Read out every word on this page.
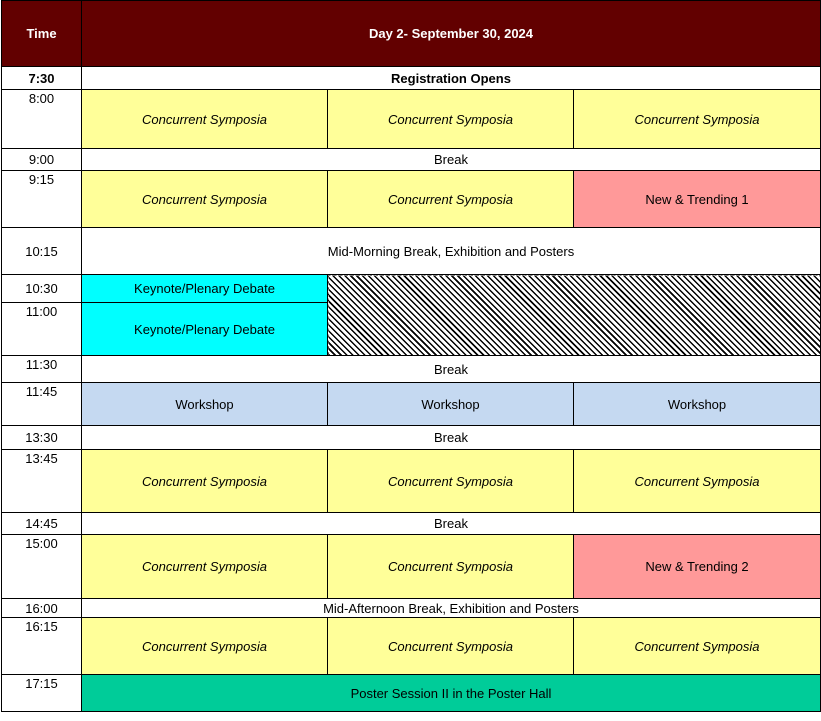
Time	Day 2- September 30, 2024		
7:30	Registration Opens		
8:00	Concurrent Symposia	Concurrent Symposia	Concurrent Symposia
9:00	Break		
9:15	Concurrent Symposia	Concurrent Symposia	New & Trending 1
10:15	Mid-Morning Break, Exhibition and Posters		
10:30	Keynote/Plenary Debate		
11:00	Keynote/Plenary Debate		
11:30	Break		
11:45	Workshop	Workshop	Workshop
13:30	Break		
13:45	Concurrent Symposia	Concurrent Symposia	Concurrent Symposia
14:45	Break		
15:00	Concurrent Symposia	Concurrent Symposia	New & Trending 2
16:00	Mid-Afternoon Break, Exhibition and Posters		
16:15	Concurrent Symposia	Concurrent Symposia	Concurrent Symposia
17:15	Poster Session II in the Poster Hall		
